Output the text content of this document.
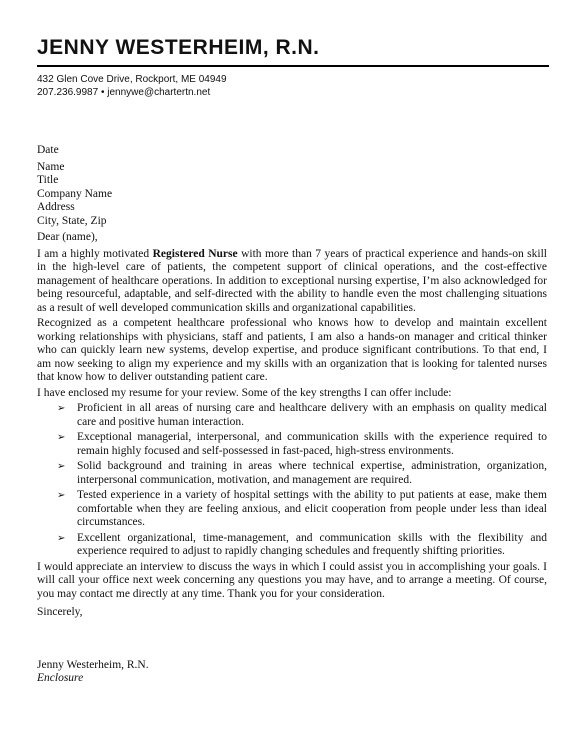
JENNY WESTERHEIM, R.N.
432 Glen Cove Drive, Rockport, ME 04949
207.236.9987 • jennywe@chartertn.net
Date
Name
Title
Company Name
Address
City, State, Zip
Dear (name),

I am a highly motivated Registered Nurse with more than 7 years of practical experience and hands-on skill in the high-level care of patients, the competent support of clinical operations, and the cost-effective management of healthcare operations. In addition to exceptional nursing expertise, I’m also acknowledged for being resourceful, adaptable, and self-directed with the ability to handle even the most challenging situations as a result of well developed communication skills and organizational capabilities.

Recognized as a competent healthcare professional who knows how to develop and maintain excellent working relationships with physicians, staff and patients, I am also a hands-on manager and critical thinker who can quickly learn new systems, develop expertise, and produce significant contributions. To that end, I am now seeking to align my experience and my skills with an organization that is looking for talented nurses that know how to deliver outstanding patient care.

I have enclosed my resume for your review. Some of the key strengths I can offer include:

➢ Proficient in all areas of nursing care and healthcare delivery with an emphasis on quality medical care and positive human interaction.
➢ Exceptional managerial, interpersonal, and communication skills with the experience required to remain highly focused and self-possessed in fast-paced, high-stress environments.
➢ Solid background and training in areas where technical expertise, administration, organization, interpersonal communication, motivation, and management are required.
➢ Tested experience in a variety of hospital settings with the ability to put patients at ease, make them comfortable when they are feeling anxious, and elicit cooperation from people under less than ideal circumstances.
➢ Excellent organizational, time-management, and communication skills with the flexibility and experience required to adjust to rapidly changing schedules and frequently shifting priorities.

I would appreciate an interview to discuss the ways in which I could assist you in accomplishing your goals. I will call your office next week concerning any questions you may have, and to arrange a meeting. Of course, you may contact me directly at any time. Thank you for your consideration.

Sincerely,
Jenny Westerheim, R.N.
Enclosure
